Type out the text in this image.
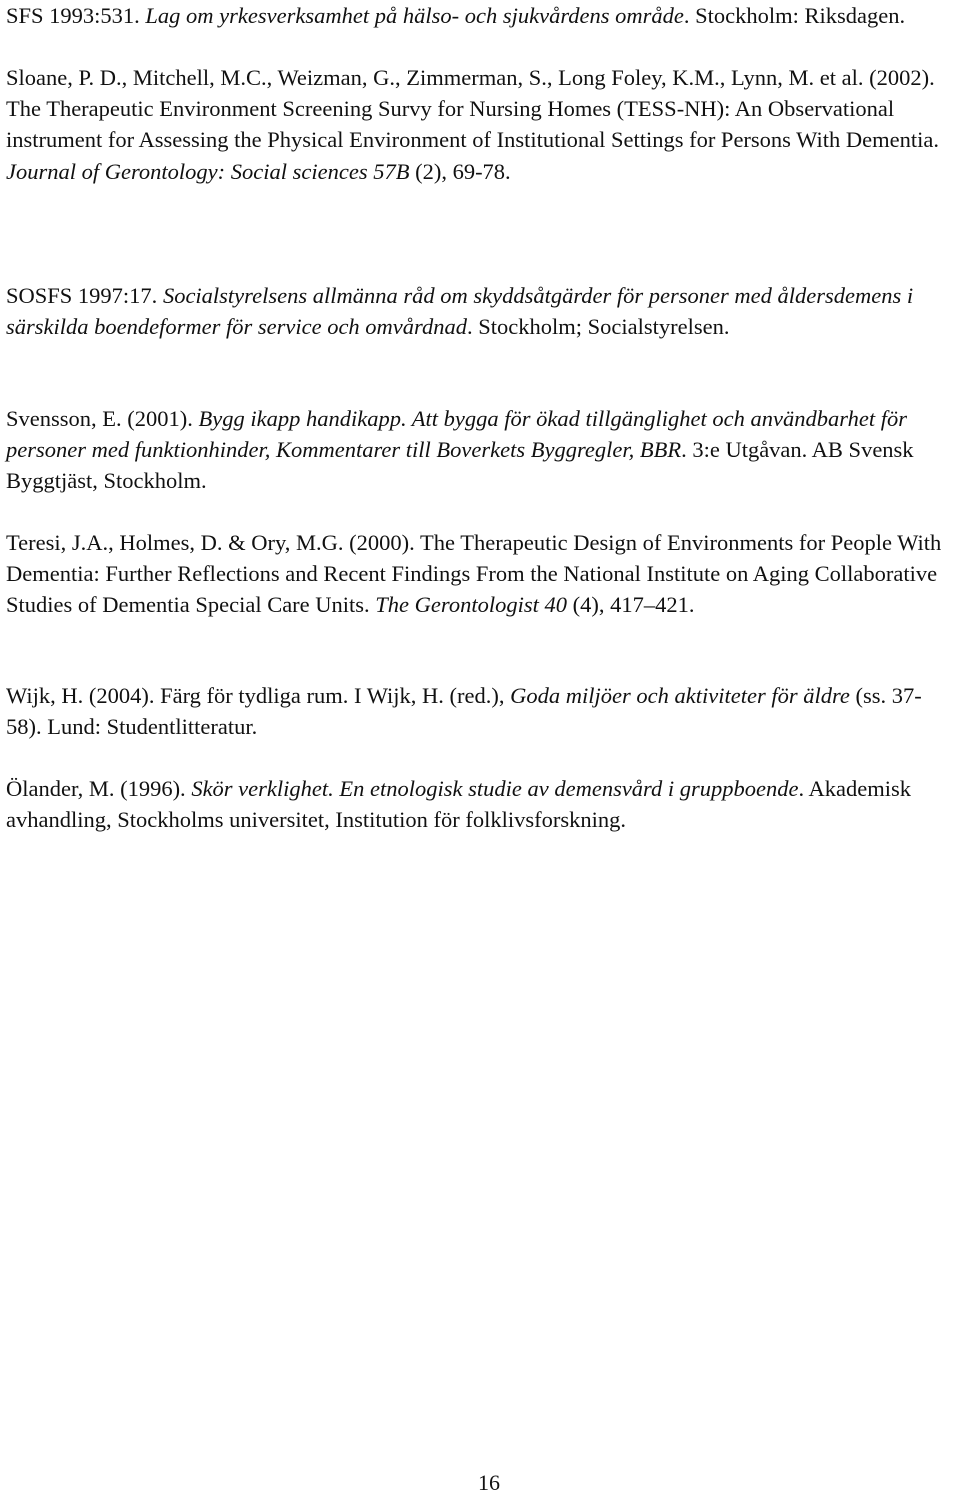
SFS 1993:531. Lag om yrkesverksamhet på hälso- och sjukvårdens område. Stockholm: Riksdagen.

Sloane, P. D., Mitchell, M.C., Weizman, G., Zimmerman, S., Long Foley, K.M., Lynn, M. et al. (2002). The Therapeutic Environment Screening Survy for Nursing Homes (TESS-NH): An Observational instrument for Assessing the Physical Environment of Institutional Settings for Persons With Dementia. Journal of Gerontology: Social sciences 57B (2), 69-78.

SOSFS 1997:17. Socialstyrelsens allmänna råd om skyddsåtgärder för personer med åldersdemens i särskilda boendeformer för service och omvårdnad. Stockholm; Socialstyrelsen.

Svensson, E. (2001). Bygg ikapp handikapp. Att bygga för ökad tillgänglighet och användbarhet för personer med funktionhinder, Kommentarer till Boverkets Byggregler, BBR. 3:e Utgåvan. AB Svensk Byggtjäst, Stockholm.

Teresi, J.A., Holmes, D. & Ory, M.G. (2000). The Therapeutic Design of Environments for People With Dementia: Further Reflections and Recent Findings From the National Institute on Aging Collaborative Studies of Dementia Special Care Units. The Gerontologist 40 (4), 417–421.

Wijk, H. (2004). Färg för tydliga rum. I Wijk, H. (red.), Goda miljöer och aktiviteter för äldre (ss. 37-58). Lund: Studentlitteratur.

Ölander, M. (1996). Skör verklighet. En etnologisk studie av demensvård i gruppboende. Akademisk avhandling, Stockholms universitet, Institution för folklivsforskning.

16
